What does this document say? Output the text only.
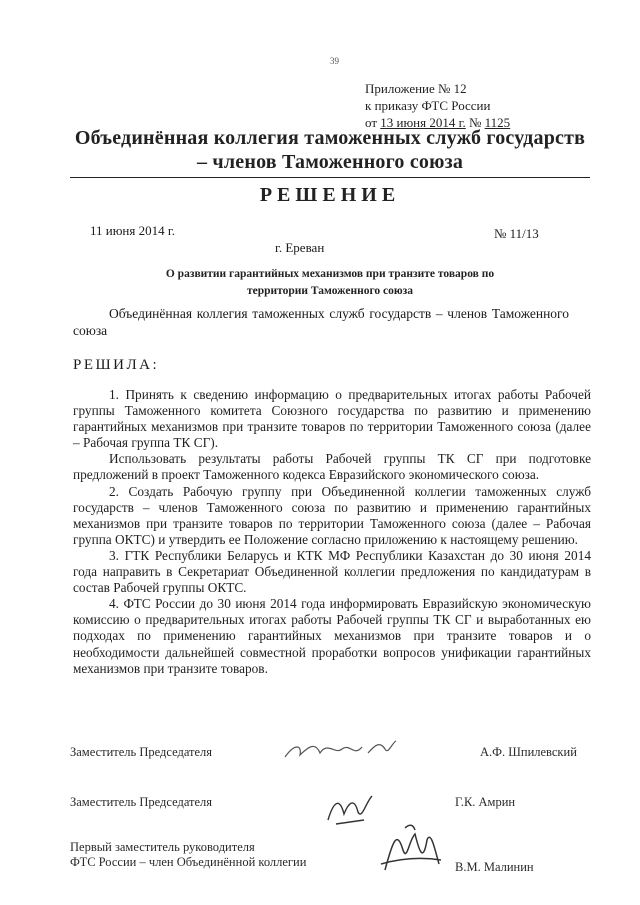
39
Приложение № 12
к приказу ФТС России
от 13 июня 2014 г. № 1125
Объединённая коллегия таможенных служб государств – членов Таможенного союза
РЕШЕНИЕ
11 июня 2014 г.	№ 11/13
г. Ереван
О развитии гарантийных механизмов при транзите товаров по территории Таможенного союза
Объединённая коллегия таможенных служб государств – членов Таможенного союза
РЕШИЛА:

1. Принять к сведению информацию о предварительных итогах работы Рабочей группы Таможенного комитета Союзного государства по развитию и применению гарантийных механизмов при транзите товаров по территории Таможенного союза (далее – Рабочая группа ТК СГ).

Использовать результаты работы Рабочей группы ТК СГ при подготовке предложений в проект Таможенного кодекса Евразийского экономического союза.

2. Создать Рабочую группу при Объединенной коллегии таможенных служб государств – членов Таможенного союза по развитию и применению гарантийных механизмов при транзите товаров по территории Таможенного союза (далее – Рабочая группа ОКТС) и утвердить ее Положение согласно приложению к настоящему решению.

3. ГТК Республики Беларусь и КТК МФ Республики Казахстан до 30 июня 2014 года направить в Секретариат Объединенной коллегии предложения по кандидатурам в состав Рабочей группы ОКТС.

4. ФТС России до 30 июня 2014 года информировать Евразийскую экономическую комиссию о предварительных итогах работы Рабочей группы ТК СГ и выработанных ею подходах по применению гарантийных механизмов при транзите товаров и о необходимости дальнейшей совместной проработки вопросов унификации гарантийных механизмов при транзите товаров.

Заместитель Председателя	А.Ф. Шпилевский
Заместитель Председателя	Г.К. Амрин
Первый заместитель руководителя
ФТС России – член Объединённой коллегии	В.М. Малинин
